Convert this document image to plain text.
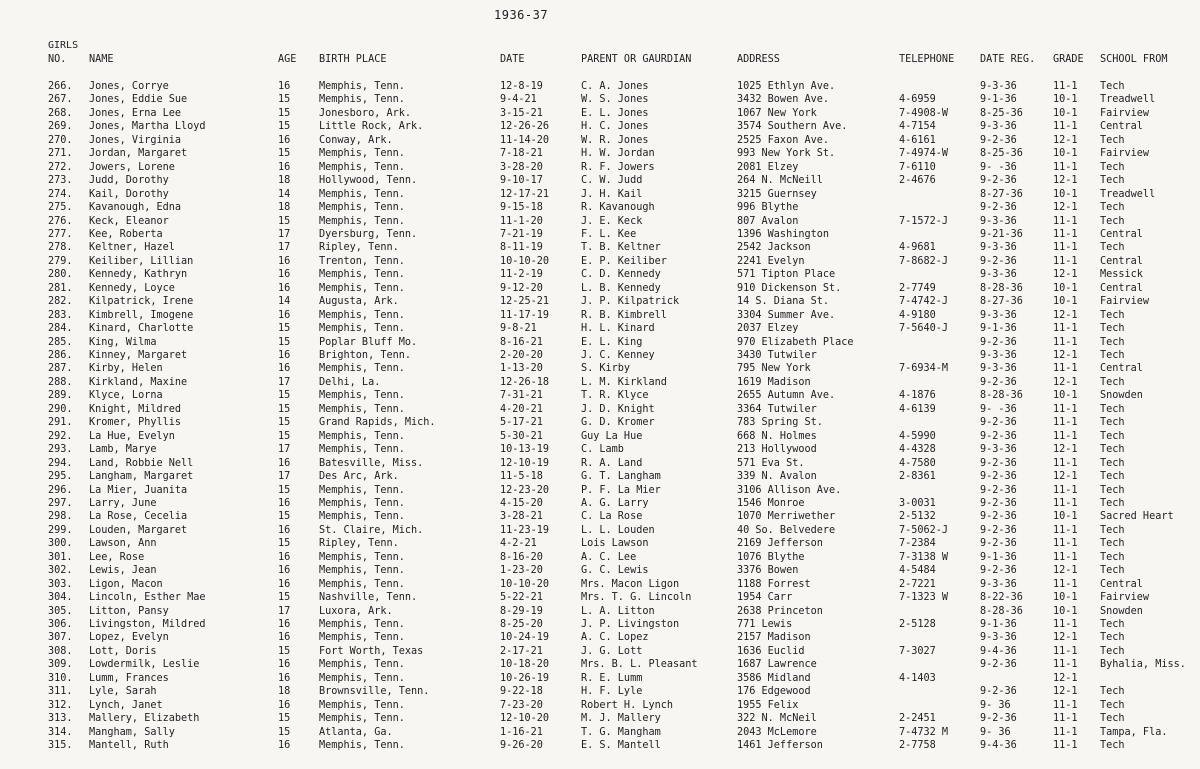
1936-37
GIRLS
NO. NAME	AGE BIRTH PLACE	DATE	PARENT OR GAURDIAN	ADDRESS	TELEPHONE	DATE REG. GRADE SCHOOL FROM
266. Jones, Corrye	16	Memphis, Tenn.	12-8-19	C. A. Jones	1025 Ethlyn Ave.	9-3-36	11-1 Tech
267. Jones, Eddie Sue	15	Memphis, Tenn.	9-4-21	W. S. Jones	3432 Bowen Ave.	4-6959	9-1-36	10-1 Treadwell
268. Jones, Erna Lee	15	Jonesboro, Ark.	3-15-21	E. L. Jones	1067 New York	7-4908-W	8-25-36	10-1 Fairview
269. Jones, Martha Lloyd	15	Little Rock, Ark.	12-26-26	H. C. Jones	3574 Southern Ave.	4-7154	9-3-36	11-1 Central
270. Jones, Virginia	16	Conway, Ark.	11-14-20	W. R. Jones	2525 Faxon Ave.	4-6161	9-2-36	12-1 Tech
271. Jordan, Margaret	15	Memphis, Tenn.	7-18-21	H. W. Jordan	993 New York St.	7-4974-W	8-25-36	10-1 Fairview
272. Jowers, Lorene	16	Memphis, Tenn.	3-28-20	R. F. Jowers	2081 Elzey	7-6110	9- -36	11-1 Tech
273. Judd, Dorothy	18	Hollywood, Tenn.	9-10-17	C. W. Judd	264 N. McNeill	2-4676	9-2-36	12-1 Tech
274. Kail, Dorothy	14	Memphis, Tenn.	12-17-21	J. H. Kail	3215 Guernsey	8-27-36	10-1 Treadwell
275. Kavanough, Edna	18	Memphis, Tenn.	9-15-18	R. Kavanough	996 Blythe	9-2-36	12-1 Tech
276. Keck, Eleanor	15	Memphis, Tenn.	11-1-20	J. E. Keck	807 Avalon	7-1572-J	9-3-36	11-1 Tech
277. Kee, Roberta	17	Dyersburg, Tenn.	7-21-19	F. L. Kee	1396 Washington	9-21-36	11-1 Central
278. Keltner, Hazel	17	Ripley, Tenn.	8-11-19	T. B. Keltner	2542 Jackson	4-9681	9-3-36	11-1 Tech
279. Keiliber, Lillian	16	Trenton, Tenn.	10-10-20	E. P. Keiliber	2241 Evelyn	7-8682-J	9-2-36	11-1 Central
280. Kennedy, Kathryn	16	Memphis, Tenn.	11-2-19	C. D. Kennedy	571 Tipton Place	9-3-36	12-1 Messick
281. Kennedy, Loyce	16	Memphis, Tenn.	9-12-20	L. B. Kennedy	910 Dickenson St.	2-7749	8-28-36	10-1 Central
282. Kilpatrick, Irene	14	Augusta, Ark.	12-25-21	J. P. Kilpatrick	14 S. Diana St.	7-4742-J	8-27-36	10-1 Fairview
283. Kimbrell, Imogene	16	Memphis, Tenn.	11-17-19	R. B. Kimbrell	3304 Summer Ave.	4-9180	9-3-36	12-1 Tech
284. Kinard, Charlotte	15	Memphis, Tenn.	9-8-21	H. L. Kinard	2037 Elzey	7-5640-J	9-1-36	11-1 Tech
285. King, Wilma	15	Poplar Bluff Mo.	8-16-21	E. L. King	970 Elizabeth Place	9-2-36	11-1 Tech
286. Kinney, Margaret	16	Brighton, Tenn.	2-20-20	J. C. Kenney	3430 Tutwiler	9-3-36	12-1 Tech
287. Kirby, Helen	16	Memphis, Tenn.	1-13-20	S. Kirby	795 New York	7-6934-M	9-3-36	11-1 Central
288. Kirkland, Maxine	17	Delhi, La.	12-26-18	L. M. Kirkland	1619 Madison	9-2-36	12-1 Tech
289. Klyce, Lorna	15	Memphis, Tenn.	7-31-21	T. R. Klyce	2655 Autumn Ave.	4-1876	8-28-36	10-1 Snowden
290. Knight, Mildred	15	Memphis, Tenn.	4-20-21	J. D. Knight	3364 Tutwiler	4-6139	9- -36	11-1 Tech
291. Kromer, Phyllis	15	Grand Rapids, Mich.	5-17-21	G. D. Kromer	783 Spring St.	9-2-36	11-1 Tech
292. La Hue, Evelyn	15	Memphis, Tenn.	5-30-21	Guy La Hue	668 N. Holmes	4-5990	9-2-36	11-1 Tech
293. Lamb, Marye	17	Memphis, Tenn.	10-13-19	C. Lamb	213 Hollywood	4-4328	9-3-36	12-1 Tech
294. Land, Robbie Nell	16	Batesville, Miss.	12-10-19	R. A. Land	571 Eva St.	4-7580	9-2-36	11-1 Tech
295. Langham, Margaret	17	Des Arc, Ark.	11-5-18	G. T. Langham	339 N. Avalon	2-8361	9-2-36	12-1 Tech
296. La Mier, Juanita	15	Memphis, Tenn.	12-23-20	P. F. La Mier	3106 Allison Ave.	9-2-36	11-1 Tech
297. Larry, June	16	Memphis, Tenn.	4-15-20	A. G. Larry	1546 Monroe	3-0031	9-2-36	11-1 Tech
298. La Rose, Cecelia	15	Memphis, Tenn.	3-28-21	C. La Rose	1070 Merriwether	2-5132	9-2-36	10-1 Sacred Heart
299. Louden, Margaret	16	St. Claire, Mich.	11-23-19	L. L. Louden	40 So. Belvedere	7-5062-J	9-2-36	11-1 Tech
300. Lawson, Ann	15	Ripley, Tenn.	4-2-21	Lois Lawson	2169 Jefferson	7-2384	9-2-36	11-1 Tech
301. Lee, Rose	16	Memphis, Tenn.	8-16-20	A. C. Lee	1076 Blythe	7-3138 W	9-1-36	11-1 Tech
302. Lewis, Jean	16	Memphis, Tenn.	1-23-20	G. C. Lewis	3376 Bowen	4-5484	9-2-36	12-1 Tech
303. Ligon, Macon	16	Memphis, Tenn.	10-10-20	Mrs. Macon Ligon	1188 Forrest	2-7221	9-3-36	11-1 Central
304. Lincoln, Esther Mae	15	Nashville, Tenn.	5-22-21	Mrs. T. G. Lincoln	1954 Carr	7-1323 W	8-22-36	10-1 Fairview
305. Litton, Pansy	17	Luxora, Ark.	8-29-19	L. A. Litton	2638 Princeton	8-28-36	10-1 Snowden
306. Livingston, Mildred	16	Memphis, Tenn.	8-25-20	J. P. Livingston	771 Lewis	2-5128	9-1-36	11-1 Tech
307. Lopez, Evelyn	16	Memphis, Tenn.	10-24-19	A. C. Lopez	2157 Madison	9-3-36	12-1 Tech
308. Lott, Doris	15	Fort Worth, Texas	2-17-21	J. G. Lott	1636 Euclid	7-3027	9-4-36	11-1 Tech
309. Lowdermilk, Leslie	16	Memphis, Tenn.	10-18-20	Mrs. B. L. Pleasant	1687 Lawrence	9-2-36	11-1 Byhalia, Miss.
310. Lumm, Frances	16	Memphis, Tenn.	10-26-19	R. E. Lumm	3586 Midland	4-1403	12-1
311. Lyle, Sarah	18	Brownsville, Tenn.	9-22-18	H. F. Lyle	176 Edgewood	9-2-36	12-1 Tech
312. Lynch, Janet	16	Memphis, Tenn.	7-23-20	Robert H. Lynch	1955 Felix	9- 36	11-1 Tech
313. Mallery, Elizabeth	15	Memphis, Tenn.	12-10-20	M. J. Mallery	322 N. McNeil	2-2451	9-2-36	11-1 Tech
314. Mangham, Sally	15	Atlanta, Ga.	1-16-21	T. G. Mangham	2043 McLemore	7-4732 M	9- 36	11-1 Tampa, Fla.
315. Mantell, Ruth	16	Memphis, Tenn.	9-26-20	E. S. Mantell	1461 Jefferson	2-7758	9-4-36	11-1 Tech
